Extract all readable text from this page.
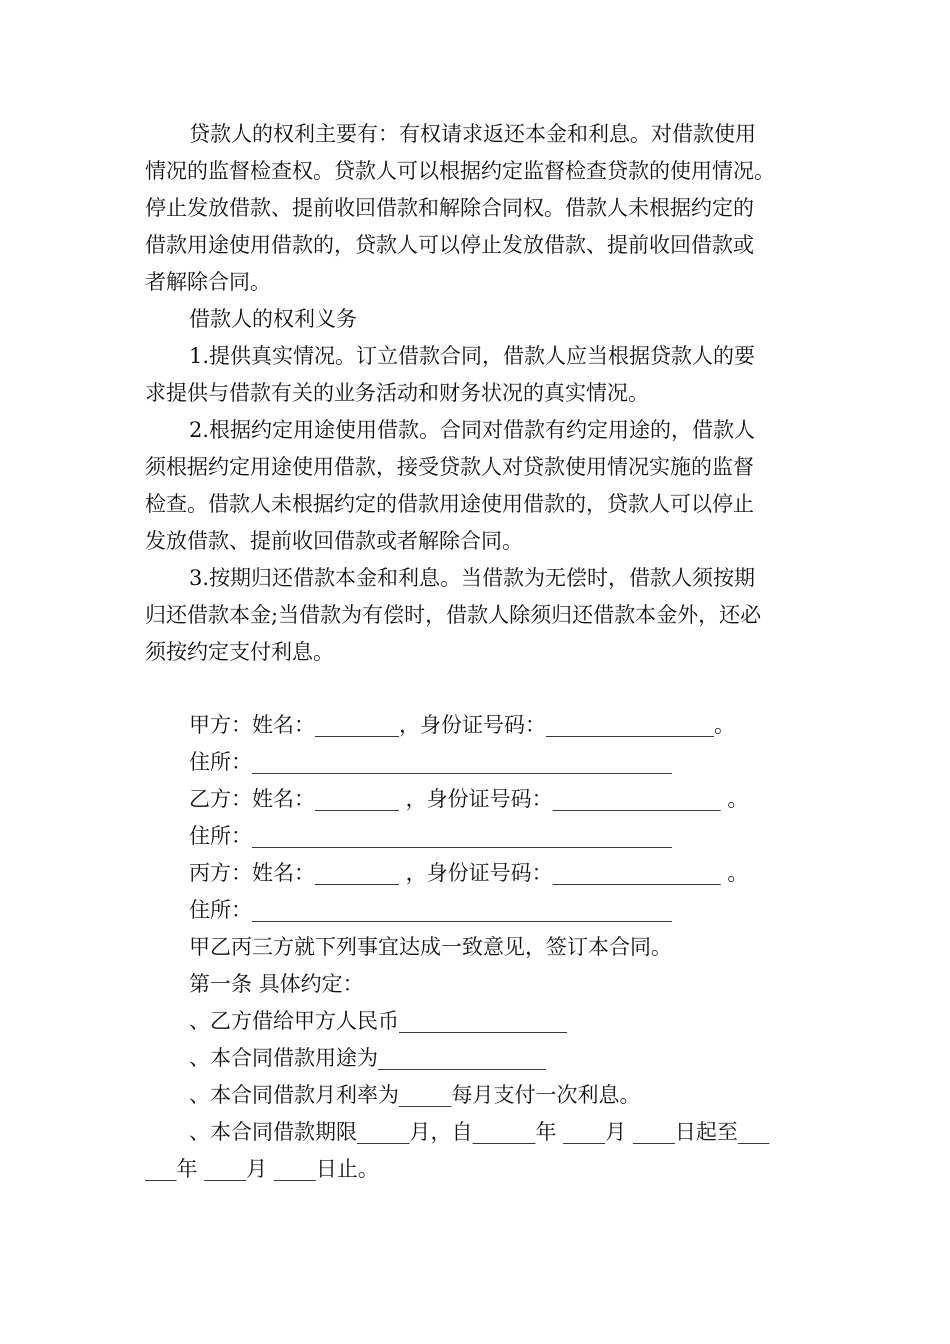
贷款人的权利主要有：有权请求返还本金和利息。对借款使用
情况的监督检查权。贷款人可以根据约定监督检查贷款的使用情况。
停止发放借款、提前收回借款和解除合同权。借款人未根据约定的
借款用途使用借款的，贷款人可以停止发放借款、提前收回借款或
者解除合同。
借款人的权利义务
1.提供真实情况。订立借款合同，借款人应当根据贷款人的要
求提供与借款有关的业务活动和财务状况的真实情况。
2.根据约定用途使用借款。合同对借款有约定用途的，借款人
须根据约定用途使用借款，接受贷款人对贷款使用情况实施的监督
检查。借款人未根据约定的借款用途使用借款的，贷款人可以停止
发放借款、提前收回借款或者解除合同。
3.按期归还借款本金和利息。当借款为无偿时，借款人须按期
归还借款本金;当借款为有偿时，借款人除须归还借款本金外，还必
须按约定支付利息。
甲方：姓名：________，身份证号码：________________。
住所：________________________________________
乙方：姓名：________ ，身份证号码：________________ 。
住所：________________________________________
丙方：姓名：________ ，身份证号码：________________ 。
住所：________________________________________
甲乙丙三方就下列事宜达成一致意见，签订本合同。
第一条 具体约定：
、乙方借给甲方人民币________________
、本合同借款用途为________________
、本合同借款月利率为_____每月支付一次利息。
、本合同借款期限_____月，自______年 ____月 ____日起至___
___年 ____月 ____日止。
